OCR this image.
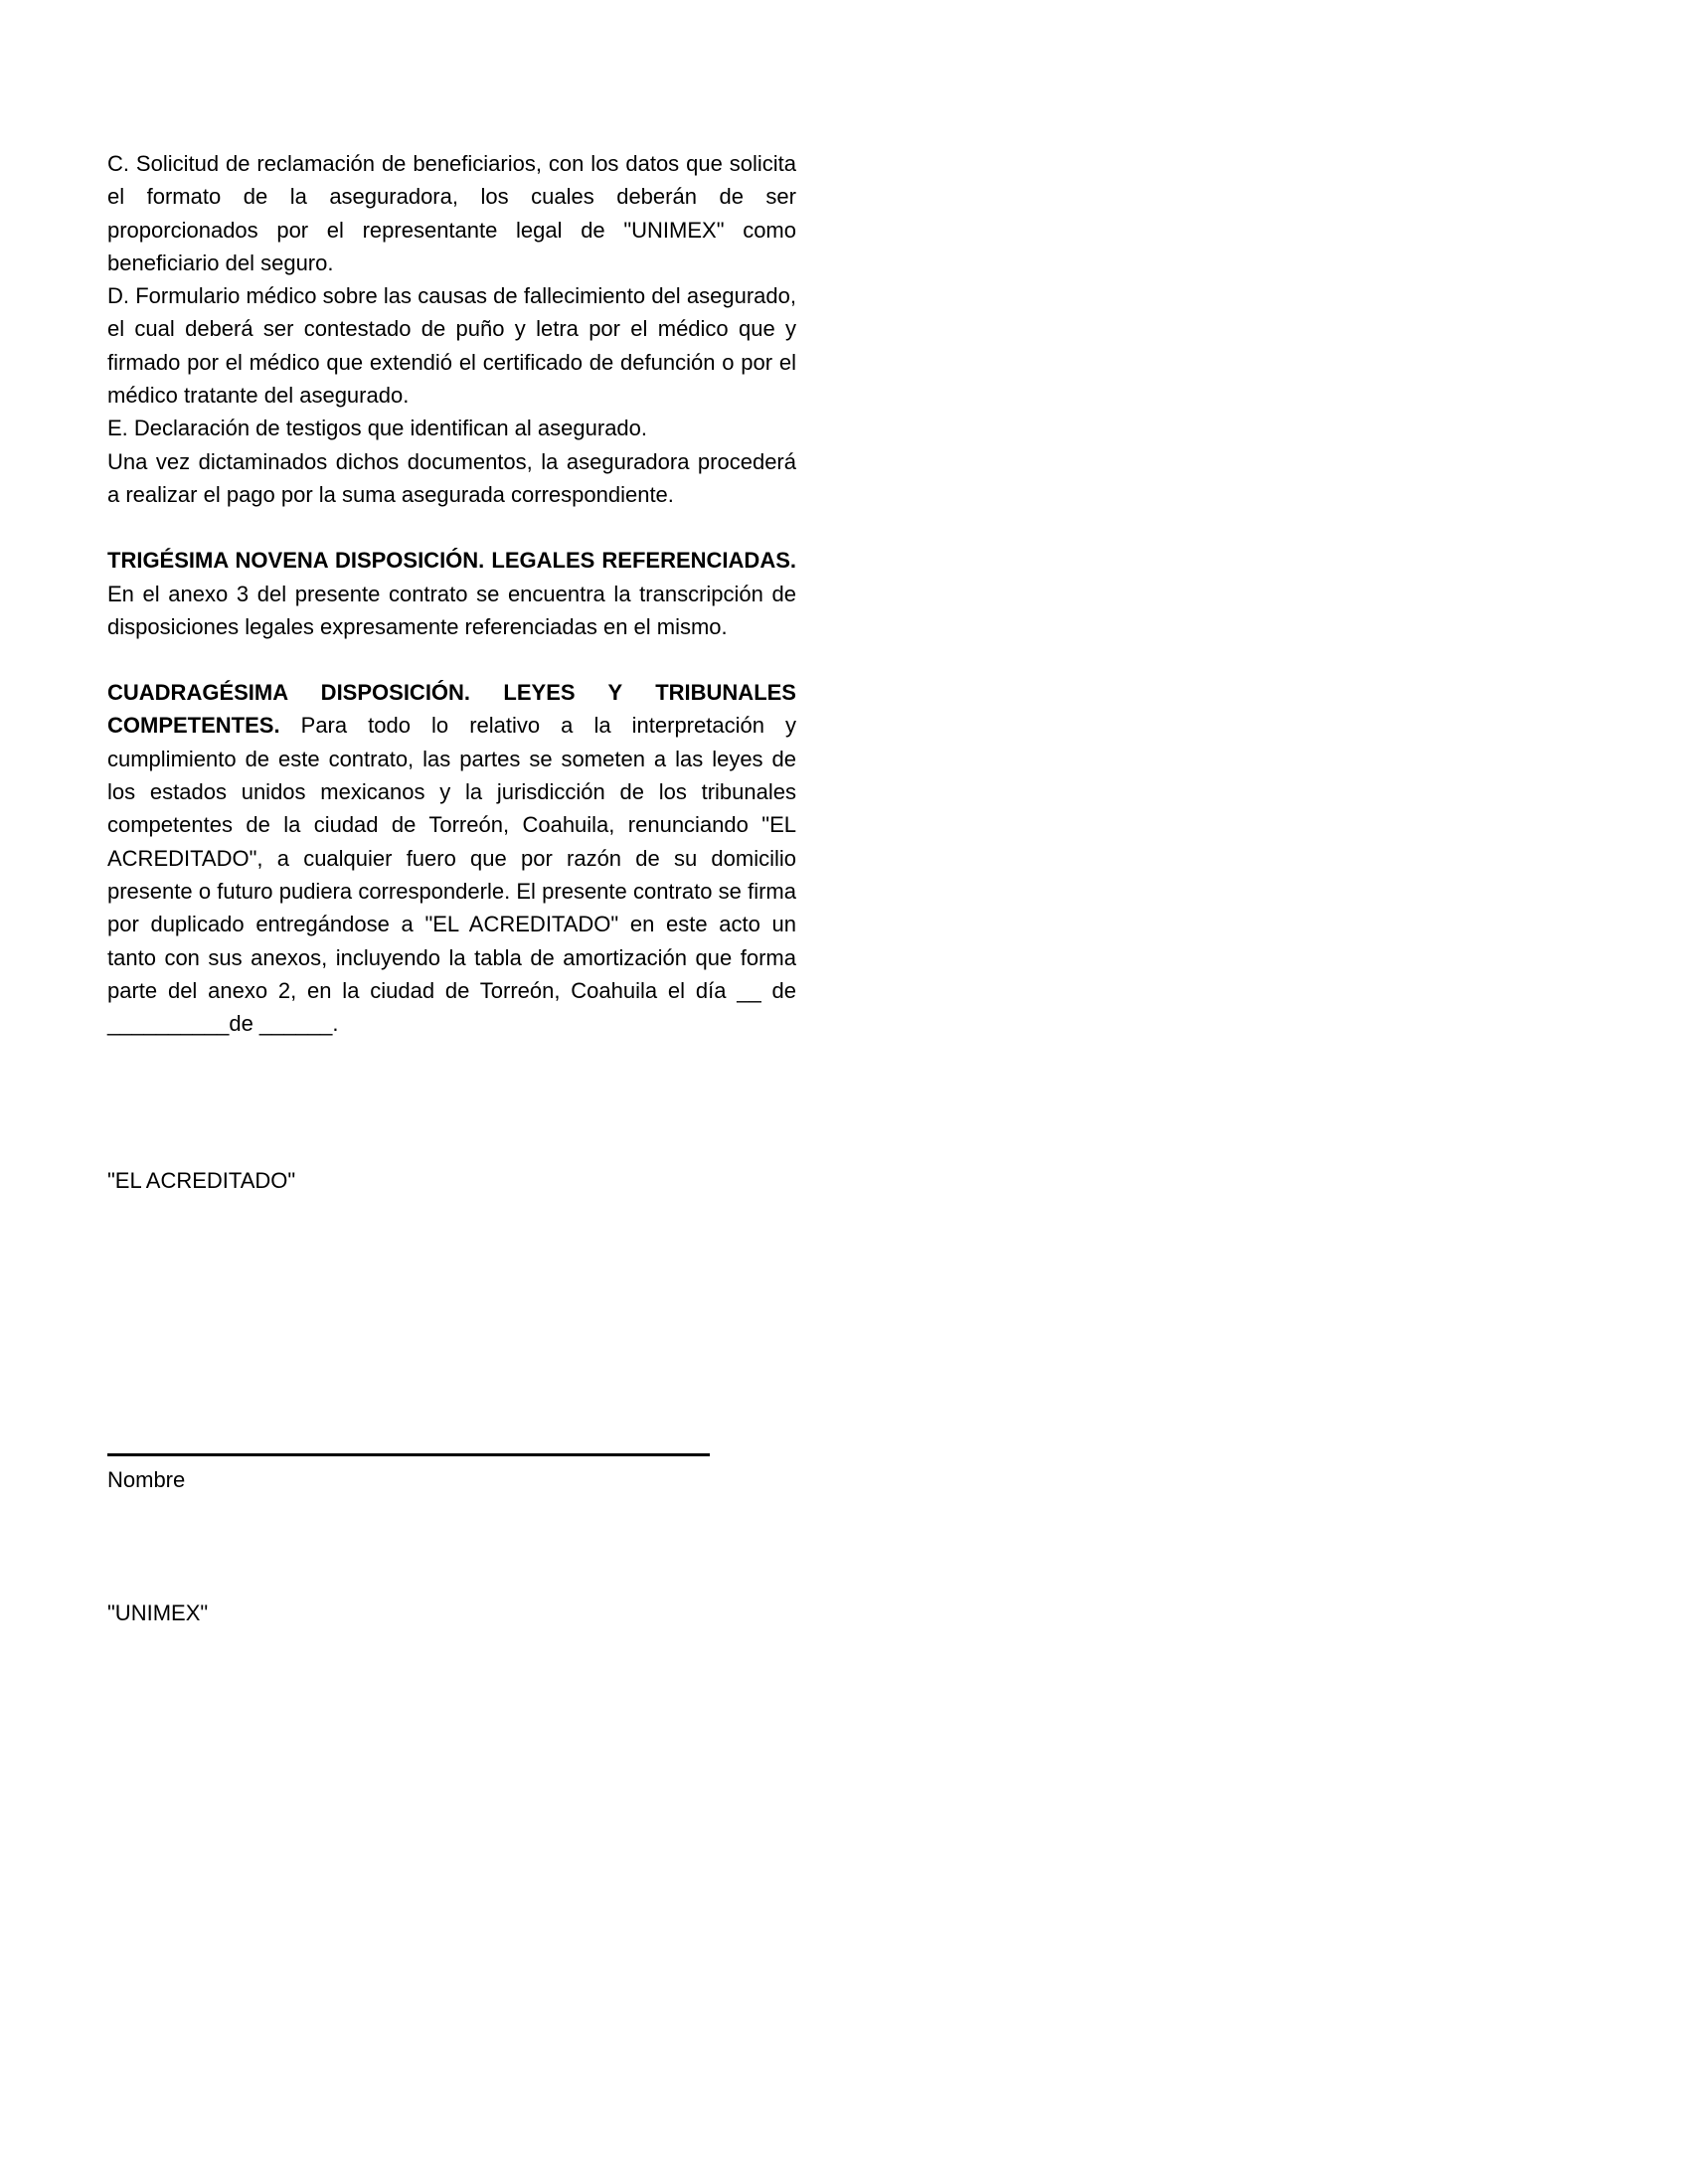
C. Solicitud de reclamación de beneficiarios, con los datos que solicita el formato de la aseguradora, los cuales deberán de ser proporcionados por el representante legal de "UNIMEX" como beneficiario del seguro.

D. Formulario médico sobre las causas de fallecimiento del asegurado, el cual deberá ser contestado de puño y letra por el médico que y firmado por el médico que extendió el certificado de defunción o por el médico tratante del asegurado.

E. Declaración de testigos que identifican al asegurado.

Una vez dictaminados dichos documentos, la aseguradora procederá a realizar el pago por la suma asegurada correspondiente.

TRIGÉSIMA NOVENA DISPOSICIÓN. LEGALES REFERENCIADAS. En el anexo 3 del presente contrato se encuentra la transcripción de disposiciones legales expresamente referenciadas en el mismo.

CUADRAGÉSIMA DISPOSICIÓN. LEYES Y TRIBUNALES COMPETENTES. Para todo lo relativo a la interpretación y cumplimiento de este contrato, las partes se someten a las leyes de los estados unidos mexicanos y la jurisdicción de los tribunales competentes de la ciudad de Torreón, Coahuila, renunciando "EL ACREDITADO", a cualquier fuero que por razón de su domicilio presente o futuro pudiera corresponderle. El presente contrato se firma por duplicado entregándose a "EL ACREDITADO" en este acto un tanto con sus anexos, incluyendo la tabla de amortización que forma parte del anexo 2, en la ciudad de Torreón, Coahuila el día __ de __________de ______.

"EL ACREDITADO"
Nombre
"UNIMEX"
